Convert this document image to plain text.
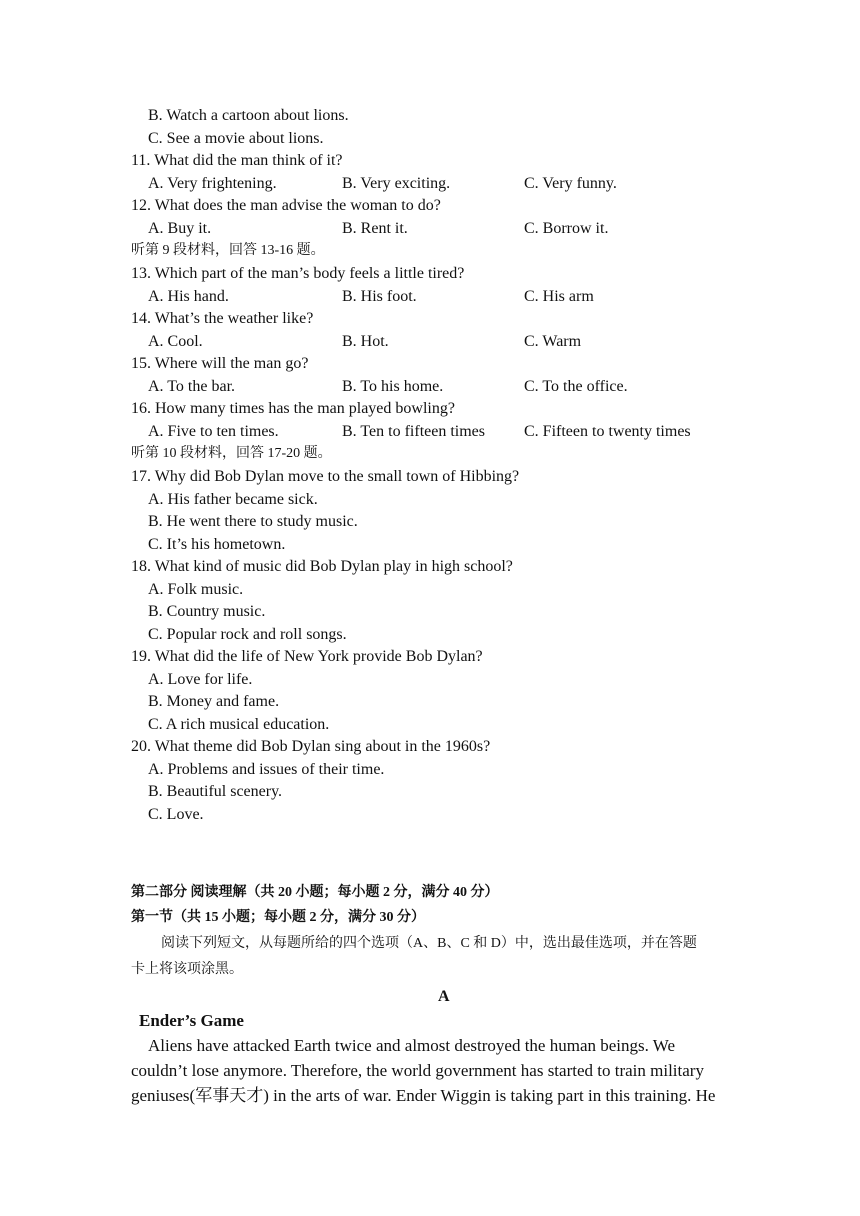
B. Watch a cartoon about lions.
C. See a movie about lions.
11. What did the man think of it?
A. Very frightening.	B. Very exciting.	C. Very funny.
12. What does the man advise the woman to do?
A. Buy it.	B. Rent it.	C. Borrow it.
听第 9 段材料，回答 13-16 题。
13. Which part of the man’s body feels a little tired?
A. His hand.	B. His foot.	C. His arm
14. What’s the weather like?
A. Cool.	B. Hot.	C. Warm
15. Where will the man go?
A. To the bar.	B. To his home.	C. To the office.
16. How many times has the man played bowling?
A. Five to ten times.	B. Ten to fifteen times C. Fifteen to twenty times
听第 10 段材料，回答 17-20 题。
17. Why did Bob Dylan move to the small town of Hibbing?
A. His father became sick.
B. He went there to study music.
C. It’s his hometown.
18. What kind of music did Bob Dylan play in high school?
A. Folk music.
B. Country music.
C. Popular rock and roll songs.
19. What did the life of New York provide Bob Dylan?
A. Love for life.
B. Money and fame.
C. A rich musical education.
20. What theme did Bob Dylan sing about in the 1960s?
A. Problems and issues of their time.
B. Beautiful scenery.
C. Love.
第二部分 阅读理解（共 20 小题；每小题 2 分，满分 40 分）
第一节（共 15 小题；每小题 2 分，满分 30 分）
阅读下列短文，从每题所给的四个选项（A、B、C 和 D）中，选出最佳选项，并在答题
卡上将该项涂黑。
A
Ender’s Game
Aliens have attacked Earth twice and almost destroyed the human beings. We
couldn’t lose anymore. Therefore, the world government has started to train military
geniuses(军事天才) in the arts of war. Ender Wiggin is taking part in this training. He
